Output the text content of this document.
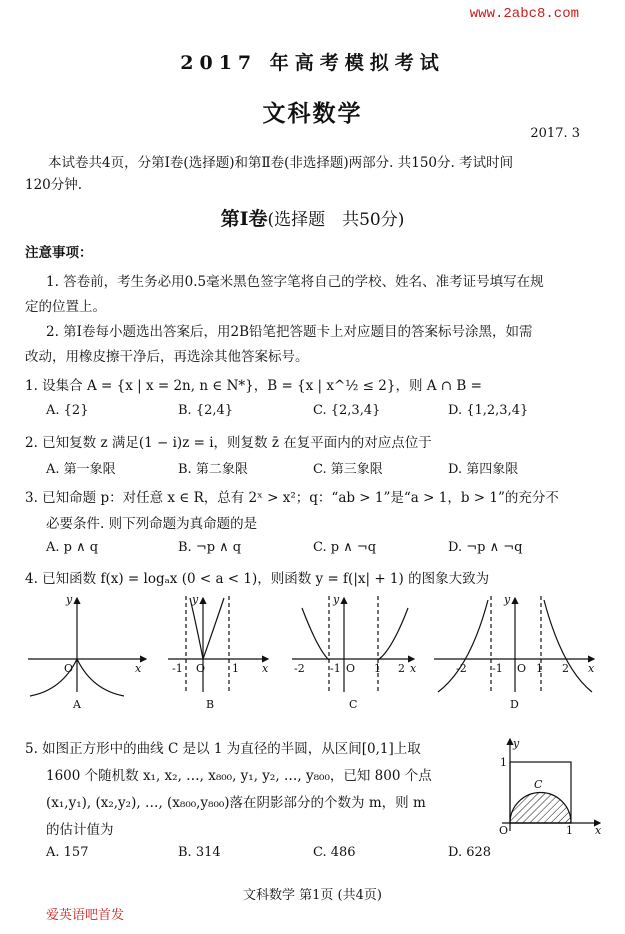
www.2abc8.com
2017 年高考模拟考试
文科数学
2017. 3
本试卷共4页，分第Ⅰ卷(选择题)和第Ⅱ卷(非选择题)两部分. 共150分. 考试时间
120分钟.
第Ⅰ卷(选择题　共50分)
注意事项：
1. 答卷前，考生务必用0.5毫米黑色签字笔将自己的学校、姓名、准考证号填写在规
定的位置上。
2. 第Ⅰ卷每小题选出答案后，用2B铅笔把答题卡上对应题目的答案标号涂黑，如需
改动，用橡皮擦干净后，再选涂其他答案标号。
1. 设集合 A = {x | x = 2n, n ∈ N*}，B = {x | x^½ ≤ 2}，则 A ∩ B =
A. {2}	B. {2,4}	C. {2,3,4}	D. {1,2,3,4}
2. 已知复数 z 满足(1 − i)z = i，则复数 z̄ 在复平面内的对应点位于
A. 第一象限	B. 第二象限	C. 第三象限	D. 第四象限
3. 已知命题 p：对任意 x ∈ R，总有 2ˣ > x²；q：“ab > 1”是“a > 1，b > 1”的充分不
必要条件. 则下列命题为真命题的是
A. p ∧ q	B. ¬p ∧ q	C. p ∧ ¬q	D. ¬p ∧ ¬q
4. 已知函数 f(x) = logₐx (0 < a < 1)，则函数 y = f(|x| + 1) 的图象大致为
y
x
y
x
y
x
y
x
O	-1 O 1	-2 -1 O 1 2	-2 -1 O 1 2
A	B	C	D
5. 如图正方形中的曲线 C 是以 1 为直径的半圆，从区间[0,1]上取
1600 个随机数 x₁, x₂, …, x₈₀₀, y₁, y₂, …, y₈₀₀，已知 800 个点
(x₁,y₁), (x₂,y₂), …, (x₈₀₀,y₈₀₀)落在阴影部分的个数为 m，则 m
的估计值为
A. 157	B. 314	C. 486	D. 628
y
1
C
O	1 x
文科数学 第1页 (共4页)
爱英语吧首发
